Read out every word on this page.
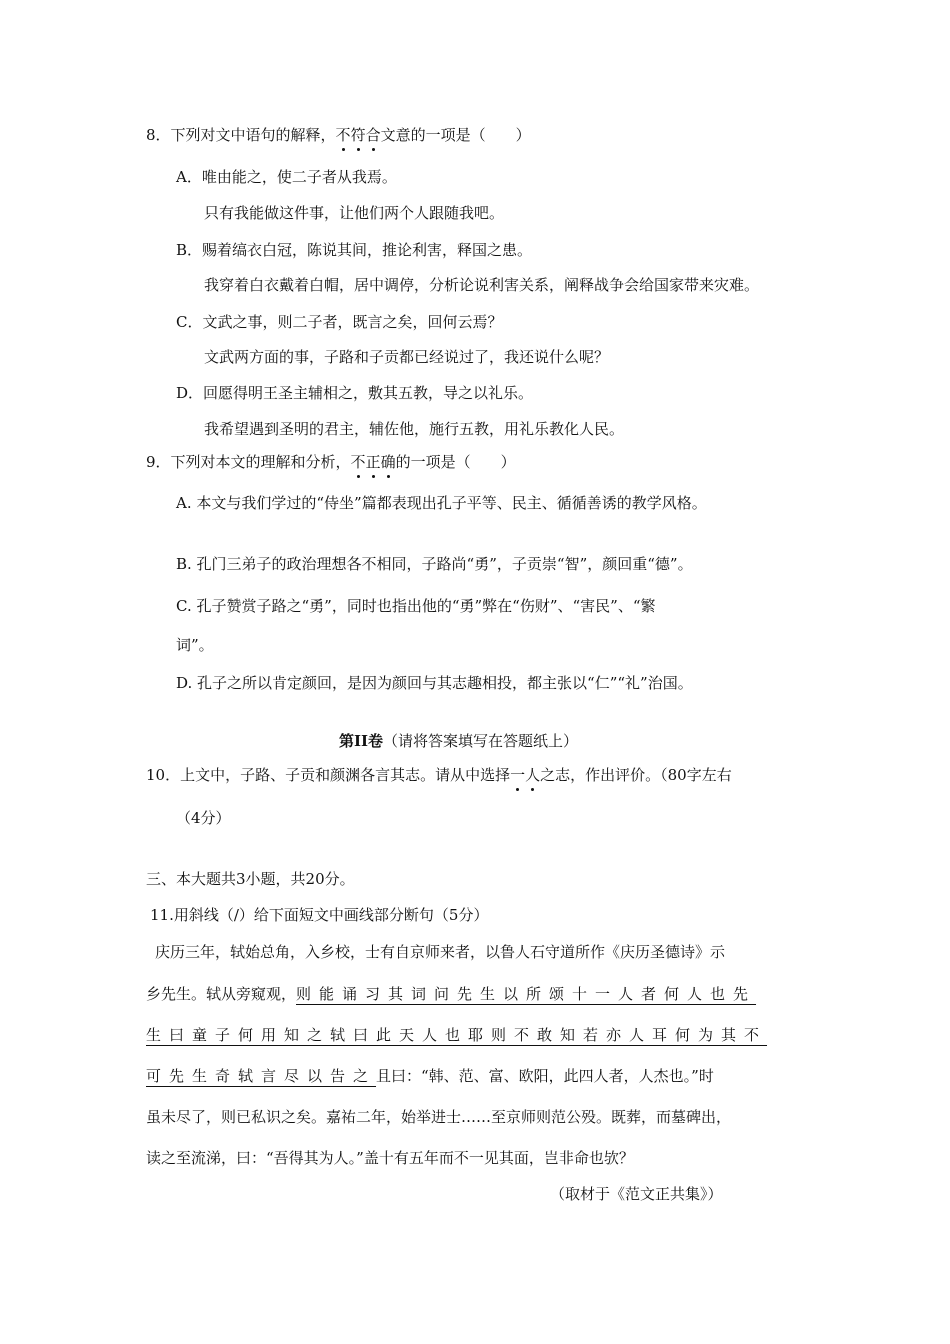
8．下列对文中语句的解释，不符合文意的一项是（　　）
A．唯由能之，使二子者从我焉。
只有我能做这件事，让他们两个人跟随我吧。
B．赐着缟衣白冠，陈说其间，推论利害，释国之患。
我穿着白衣戴着白帽，居中调停，分析论说利害关系，阐释战争会给国家带来灾难。
C．文武之事，则二子者，既言之矣，回何云焉？
文武两方面的事，子路和子贡都已经说过了，我还说什么呢？
D．回愿得明王圣主辅相之，敷其五教，导之以礼乐。
我希望遇到圣明的君主，辅佐他，施行五教，用礼乐教化人民。
9．下列对本文的理解和分析，不正确的一项是（　　）
A. 本文与我们学过的“侍坐”篇都表现出孔子平等、民主、循循善诱的教学风格。
B. 孔门三弟子的政治理想各不相同，子路尚“勇”，子贡崇“智”，颜回重“德”。
C. 孔子赞赏子路之“勇”，同时也指出他的“勇”弊在“伤财”、“害民”、“繁
词”。
D. 孔子之所以肯定颜回，是因为颜回与其志趣相投，都主张以“仁”“礼”治国。
第II卷（请将答案填写在答题纸上）
10．上文中，子路、子贡和颜渊各言其志。请从中选择一人之志，作出评价。（80字左右
（4分）
三、本大题共3小题，共20分。
11.用斜线（/）给下面短文中画线部分断句（5分）
庆历三年，轼始总角，入乡校，士有自京师来者，以鲁人石守道所作《庆历圣德诗》示
乡先生。轼从旁窥观，则能诵习其词问先生以所颂十一人者何人也先
生曰童子何用知之轼曰此天人也耶则不敢知若亦人耳何为其不
可先生奇轼言尽以告之且曰：“韩、范、富、欧阳，此四人者，人杰也。”时
虽未尽了，则已私识之矣。嘉祐二年，始举进士……至京师则范公殁。既葬，而墓碑出，
读之至流涕，曰：“吾得其为人。”盖十有五年而不一见其面，岂非命也欤？
（取材于《范文正共集》）
